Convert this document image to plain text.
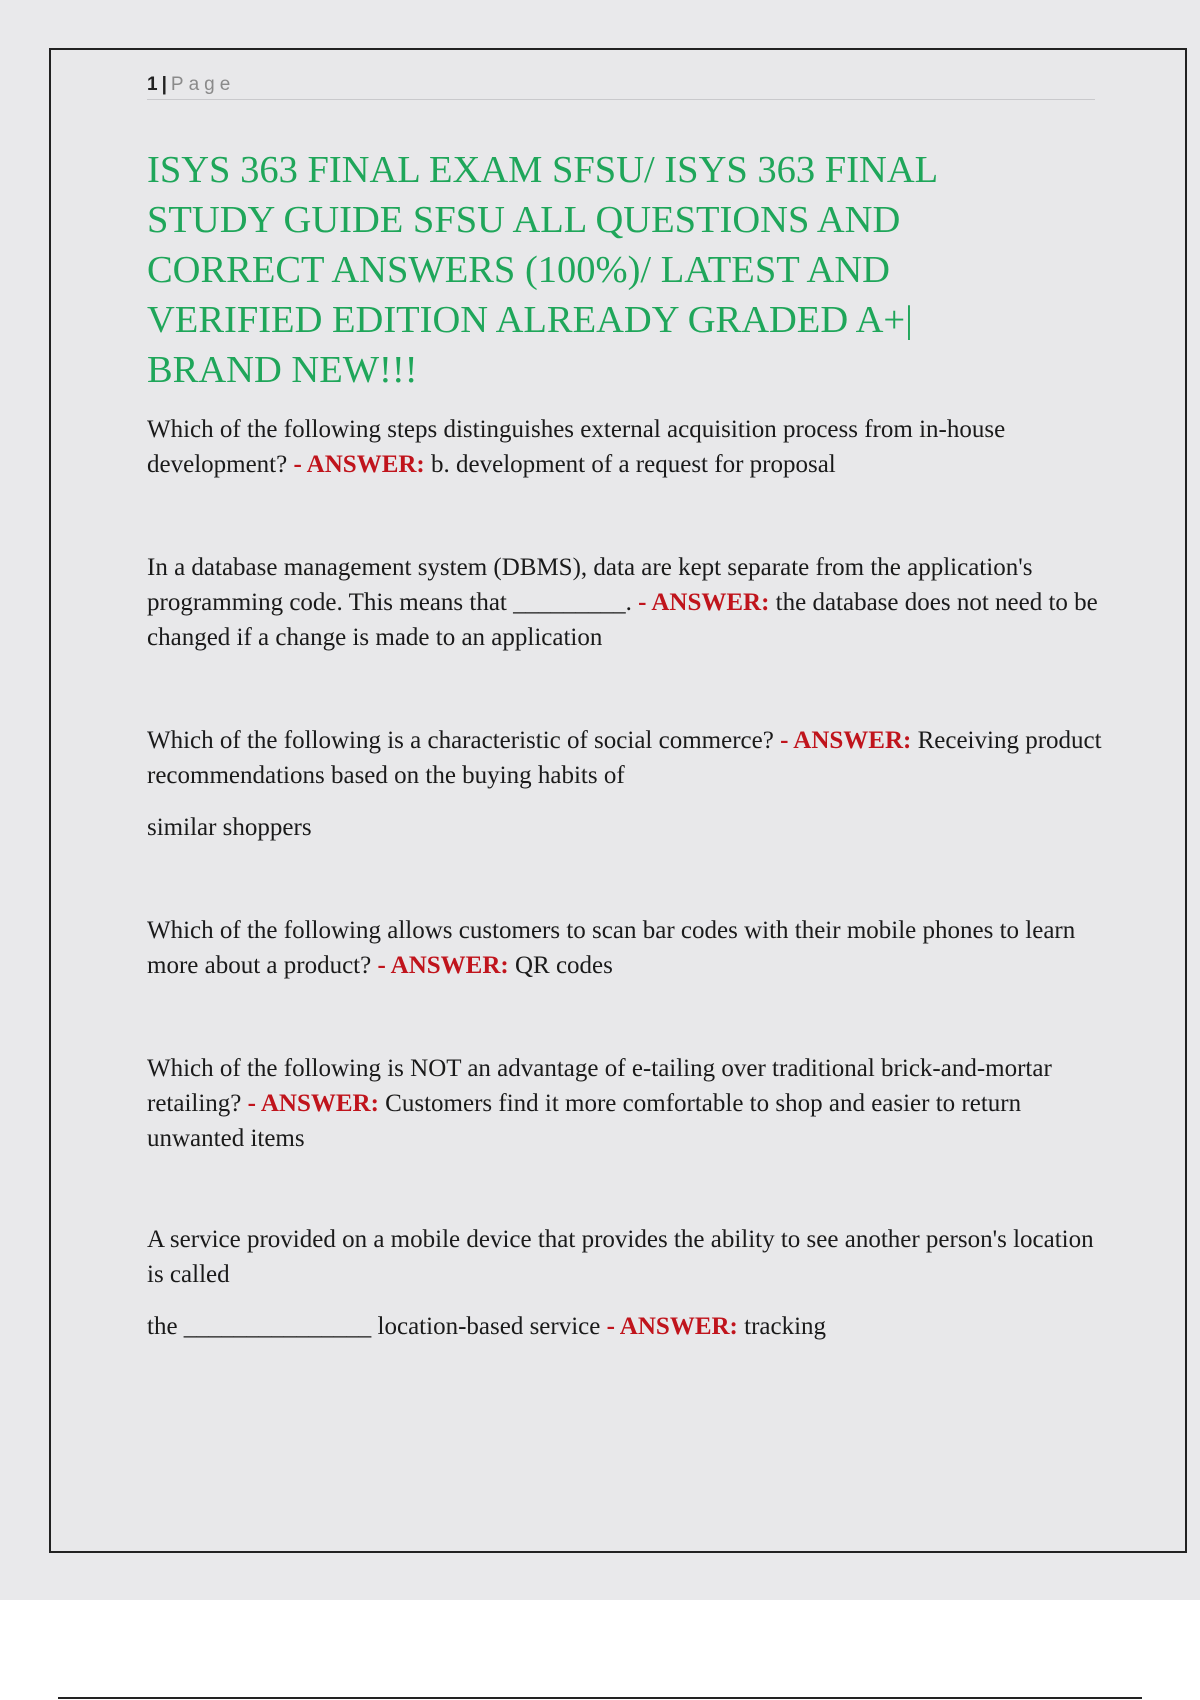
1 | Page
ISYS 363 FINAL EXAM SFSU/ ISYS 363 FINAL STUDY GUIDE SFSU ALL QUESTIONS AND CORRECT ANSWERS (100%)/ LATEST AND VERIFIED EDITION ALREADY GRADED A+| BRAND NEW!!!
Which of the following steps distinguishes external acquisition process from in-house development? - ANSWER: b. development of a request for proposal
In a database management system (DBMS), data are kept separate from the application's programming code. This means that _________. - ANSWER: the database does not need to be changed if a change is made to an application
Which of the following is a characteristic of social commerce? - ANSWER: Receiving product recommendations based on the buying habits of
similar shoppers
Which of the following allows customers to scan bar codes with their mobile phones to learn more about a product? - ANSWER: QR codes
Which of the following is NOT an advantage of e-tailing over traditional brick-and-mortar retailing? - ANSWER: Customers find it more comfortable to shop and easier to return unwanted items
A service provided on a mobile device that provides the ability to see another person's location is called
the _______________ location-based service - ANSWER: tracking
